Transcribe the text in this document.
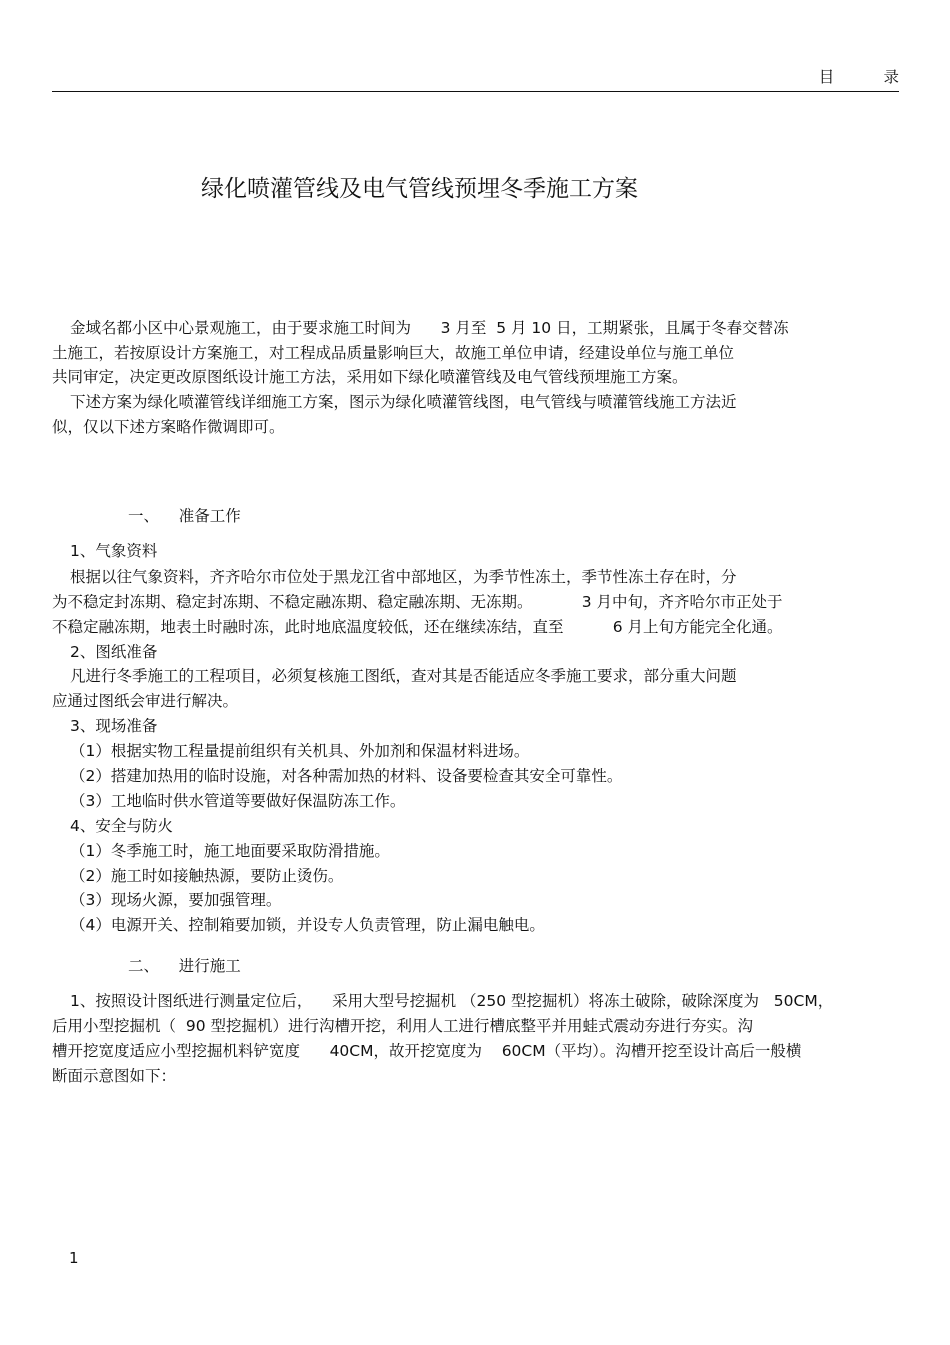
目          录
绿化喷灌管线及电气管线预埋冬季施工方案
金域名都小区中心景观施工，由于要求施工时间为      3 月至  5 月 10 日，工期紧张，且属于冬春交替冻
土施工，若按原设计方案施工，对工程成品质量影响巨大，故施工单位申请，经建设单位与施工单位
共同审定，决定更改原图纸设计施工方法，采用如下绿化喷灌管线及电气管线预埋施工方案。
下述方案为绿化喷灌管线详细施工方案，图示为绿化喷灌管线图，电气管线与喷灌管线施工方法近
似，仅以下述方案略作微调即可。
一、    准备工作
1、气象资料
根据以往气象资料，齐齐哈尔市位处于黑龙江省中部地区，为季节性冻土，季节性冻土存在时，分
为不稳定封冻期、稳定封冻期、不稳定融冻期、稳定融冻期、无冻期。          3 月中旬，齐齐哈尔市正处于
不稳定融冻期，地表土时融时冻，此时地底温度较低，还在继续冻结，直至          6 月上旬方能完全化通。
2、图纸准备
凡进行冬季施工的工程项目，必须复核施工图纸，查对其是否能适应冬季施工要求，部分重大问题
应通过图纸会审进行解决。
3、现场准备
（1）根据实物工程量提前组织有关机具、外加剂和保温材料进场。
（2）搭建加热用的临时设施，对各种需加热的材料、设备要检查其安全可靠性。
（3）工地临时供水管道等要做好保温防冻工作。
4、安全与防火
（1）冬季施工时，施工地面要采取防滑措施。
（2）施工时如接触热源，要防止烫伤。
（3）现场火源，要加强管理。
（4）电源开关、控制箱要加锁，并设专人负责管理，防止漏电触电。
二、    进行施工
1、按照设计图纸进行测量定位后，    采用大型号挖掘机 （250 型挖掘机）将冻土破除，破除深度为   50CM，
后用小型挖掘机（  90 型挖掘机）进行沟槽开挖，利用人工进行槽底整平并用蛙式震动夯进行夯实。沟
槽开挖宽度适应小型挖掘机料铲宽度      40CM，故开挖宽度为    60CM（平均）。沟槽开挖至设计高后一般横
断面示意图如下：
1
